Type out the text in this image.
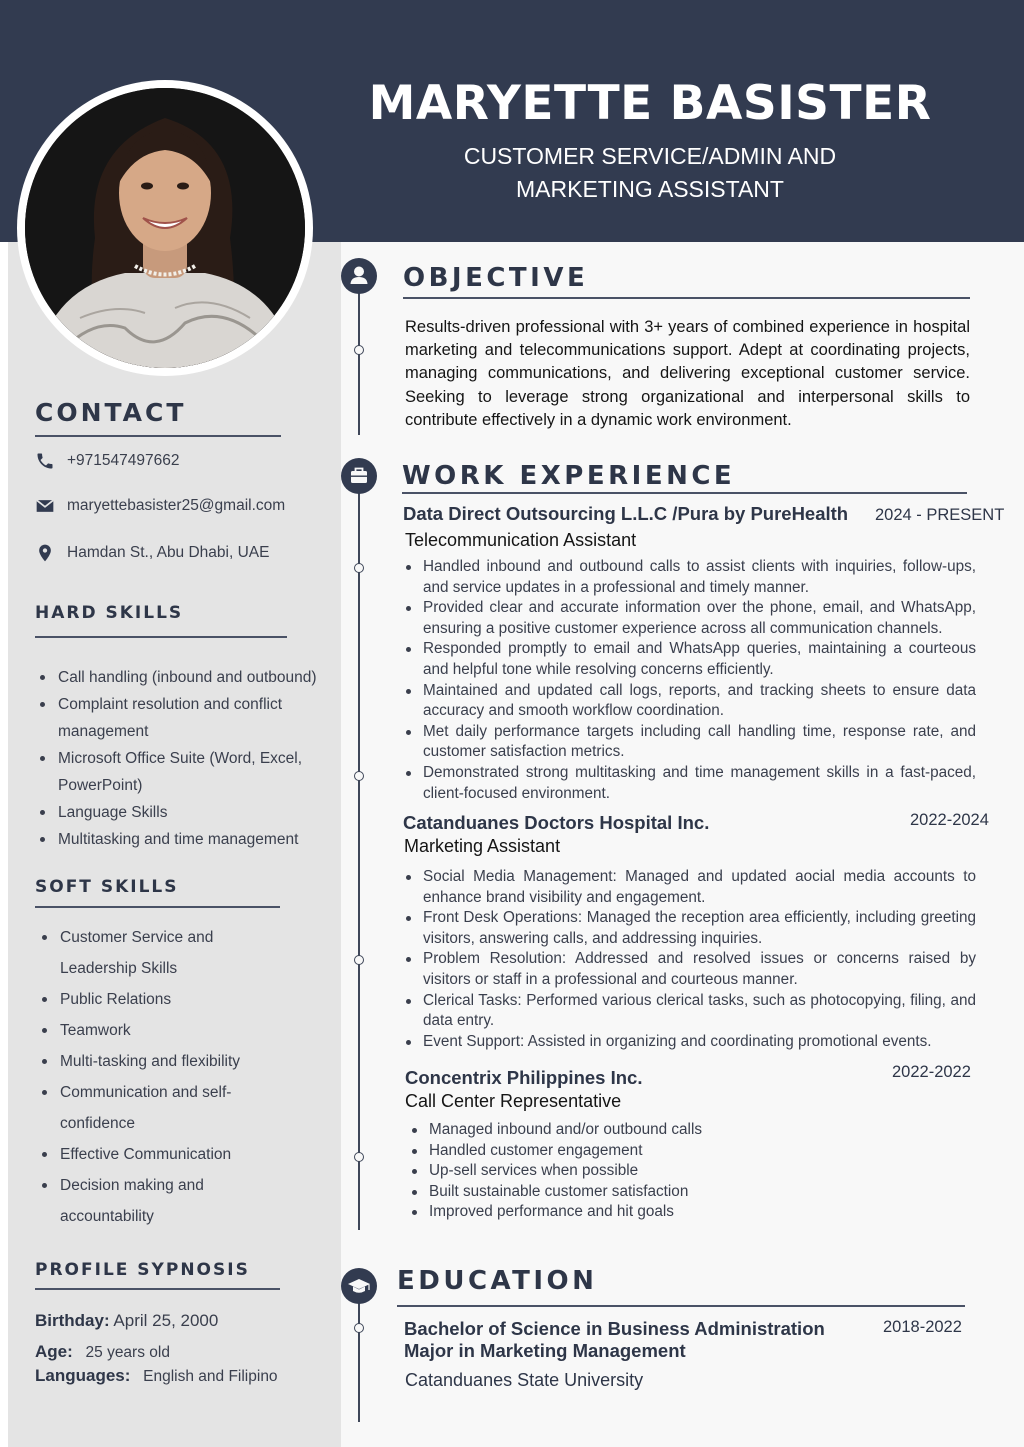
MARYETTE BASISTER
CUSTOMER SERVICE/ADMIN AND
MARKETING ASSISTANT
CONTACT
+971547497662
maryettebasister25@gmail.com
Hamdan St., Abu Dhabi, UAE
HARD SKILLS
Call handling (inbound and outbound)
Complaint resolution and conflict management
Microsoft Office Suite (Word, Excel, PowerPoint)
Language Skills
Multitasking and time management
SOFT SKILLS
Customer Service and Leadership Skills
Public Relations
Teamwork
Multi-tasking and flexibility
Communication and self-confidence
Effective Communication
Decision making and accountability
PROFILE SYPNOSIS
Birthday: April 25, 2000
Age: 25 years old
Languages: English and Filipino
OBJECTIVE
Results-driven professional with 3+ years of combined experience in hospital marketing and telecommunications support. Adept at coordinating projects, managing communications, and delivering exceptional customer service. Seeking to leverage strong organizational and interpersonal skills to contribute effectively in a dynamic work environment.
WORK EXPERIENCE
Data Direct Outsourcing L.L.C /Pura by PureHealth 2024 - PRESENT
Telecommunication Assistant
Handled inbound and outbound calls to assist clients with inquiries, follow-ups, and service updates in a professional and timely manner.
Provided clear and accurate information over the phone, email, and WhatsApp, ensuring a positive customer experience across all communication channels.
Responded promptly to email and WhatsApp queries, maintaining a courteous and helpful tone while resolving concerns efficiently.
Maintained and updated call logs, reports, and tracking sheets to ensure data accuracy and smooth workflow coordination.
Met daily performance targets including call handling time, response rate, and customer satisfaction metrics.
Demonstrated strong multitasking and time management skills in a fast-paced, client-focused environment.
Catanduanes Doctors Hospital Inc.	2022-2024
Marketing Assistant
Social Media Management: Managed and updated aocial media accounts to enhance brand visibility and engagement.
Front Desk Operations: Managed the reception area efficiently, including greeting visitors, answering calls, and addressing inquiries.
Problem Resolution: Addressed and resolved issues or concerns raised by visitors or staff in a professional and courteous manner.
Clerical Tasks: Performed various clerical tasks, such as photocopying, filing, and data entry.
Event Support: Assisted in organizing and coordinating promotional events.
Concentrix Philippines Inc.	2022-2022
Call Center Representative
Managed inbound and/or outbound calls
Handled customer engagement
Up-sell services when possible
Built sustainable customer satisfaction
Improved performance and hit goals
EDUCATION
Bachelor of Science in Business Administration
Major in Marketing Management
2018-2022
Catanduanes State University
